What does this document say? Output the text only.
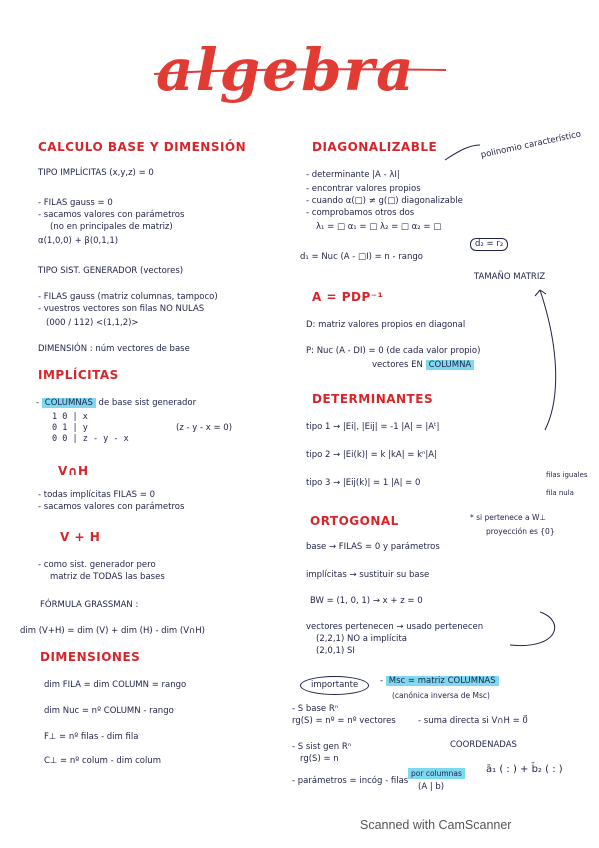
algebra
CALCULO BASE Y DIMENSIÓN
TIPO IMPLÍCITAS (x,y,z) = 0
- FILAS gauss = 0
- sacamos valores con parámetros
(no en principales de matriz)
α(1,0,0) + β(0,1,1)
TIPO SIST. GENERADOR (vectores)
- FILAS gauss (matriz columnas, tampoco)
- vuestros vectores son filas NO NULAS
(000 / 112) <(1,1,2)>
DIMENSIÓN : núm vectores de base
IMPLÍCITAS
- COLUMNAS de base sist generador
1 0 | x
0 1 | y
0 0 | z - y - x
(z - y - x = 0)
V∩H
- todas implícitas FILAS = 0
- sacamos valores con parámetros
V + H
- como sist. generador pero
matriz de TODAS las bases
FÓRMULA GRASSMAN :
dim (V+H) = dim (V) + dim (H) - dim (V∩H)
DIMENSIONES
dim FILA = dim COLUMN = rango
dim Nuc = nº COLUMN - rango
F⊥ = nº filas - dim fila
C⊥ = nº colum - dim colum
DIAGONALIZABLE	polinomio característico
- determinante |A - λI|
- encontrar valores propios
- cuando α(□) ≠ g(□) diagonalizable
- comprobamos otros dos
λ₁ = □ α₁ = □ λ₂ = □ α₂ = □
d₂ = r₂
d₁ = Nuc (A - □I) = n - rango
TAMAÑO MATRIZ
A = PDP⁻¹
D: matriz valores propios en diagonal
P: Nuc (A - DI) = 0 (de cada valor propio)
vectores EN COLUMNA
DETERMINANTES
tipo 1 → |Ei|, |Eij| = -1 |A| = |Aᵗ|
tipo 2 → |Ei(k)| = k |kA| = kⁿ|A|
tipo 3 → |Eij(k)| = 1 |A| = 0
filas iguales
fila nula
ORTOGONAL	* si pertenece a W⊥
proyección es {0}
base → FILAS = 0 y parámetros
implícitas → sustituir su base
BW = (1, 0, 1) → x + z = 0
vectores pertenecen → usado pertenecen
(2,2,1) NO a implícita
(2,0,1) SI
importante	- Msc = matriz COLUMNAS
(canónica inversa de Msc)
- S base Rⁿ
rg(S) = nº = nº vectores	- suma directa si V∩H = 0⃗
- S sist gen Rⁿ
rg(S) = n
COORDENADAS
- parámetros = incóg - filas
por columnas
(A | b)
ā₁ ( : ) + b̄₂ ( : )
Scanned with CamScanner
